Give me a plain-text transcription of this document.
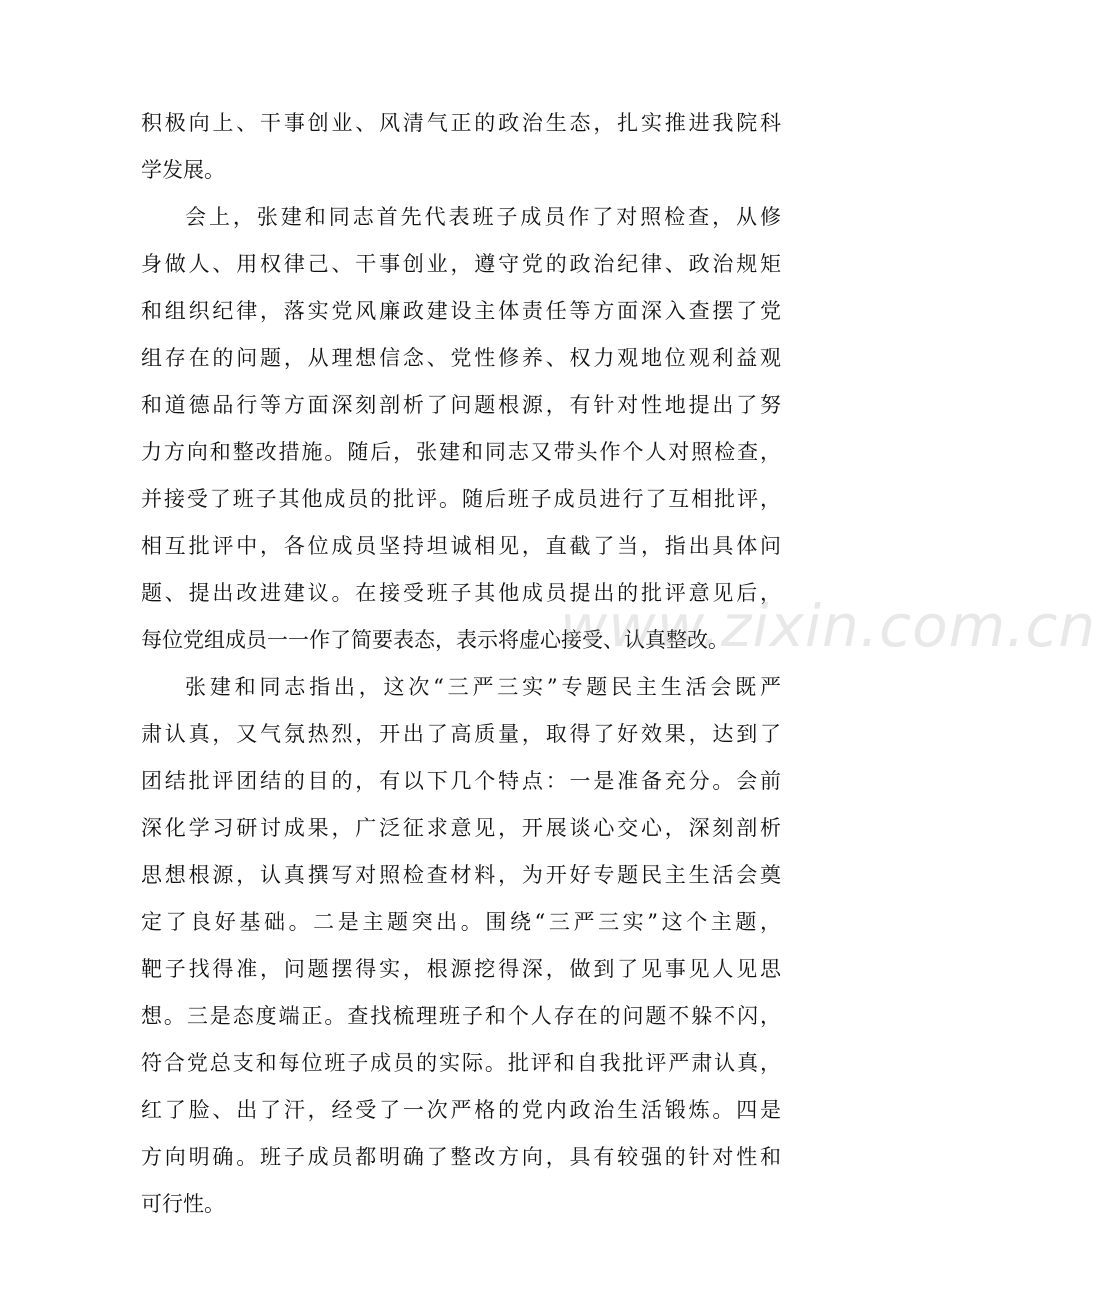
积极向上、干事创业、风清气正的政治生态，扎实推进我院科
学发展。
会上，张建和同志首先代表班子成员作了对照检查，从修
身做人、用权律己、干事创业，遵守党的政治纪律、政治规矩
和组织纪律，落实党风廉政建设主体责任等方面深入查摆了党
组存在的问题，从理想信念、党性修养、权力观地位观利益观
和道德品行等方面深刻剖析了问题根源，有针对性地提出了努
力方向和整改措施。随后，张建和同志又带头作个人对照检查，
并接受了班子其他成员的批评。随后班子成员进行了互相批评，
相互批评中，各位成员坚持坦诚相见，直截了当，指出具体问
题、提出改进建议。在接受班子其他成员提出的批评意见后，
每位党组成员一一作了简要表态，表示将虚心接受、认真整改。
张建和同志指出，这次“三严三实”专题民主生活会既严
肃认真，又气氛热烈，开出了高质量，取得了好效果，达到了
团结批评团结的目的，有以下几个特点：一是准备充分。会前
深化学习研讨成果，广泛征求意见，开展谈心交心，深刻剖析
思想根源，认真撰写对照检查材料，为开好专题民主生活会奠
定了良好基础。二是主题突出。围绕“三严三实”这个主题，
靶子找得准，问题摆得实，根源挖得深，做到了见事见人见思
想。三是态度端正。查找梳理班子和个人存在的问题不躲不闪，
符合党总支和每位班子成员的实际。批评和自我批评严肃认真，
红了脸、出了汗，经受了一次严格的党内政治生活锻炼。四是
方向明确。班子成员都明确了整改方向，具有较强的针对性和
可行性。
www.zixin.com.cn
